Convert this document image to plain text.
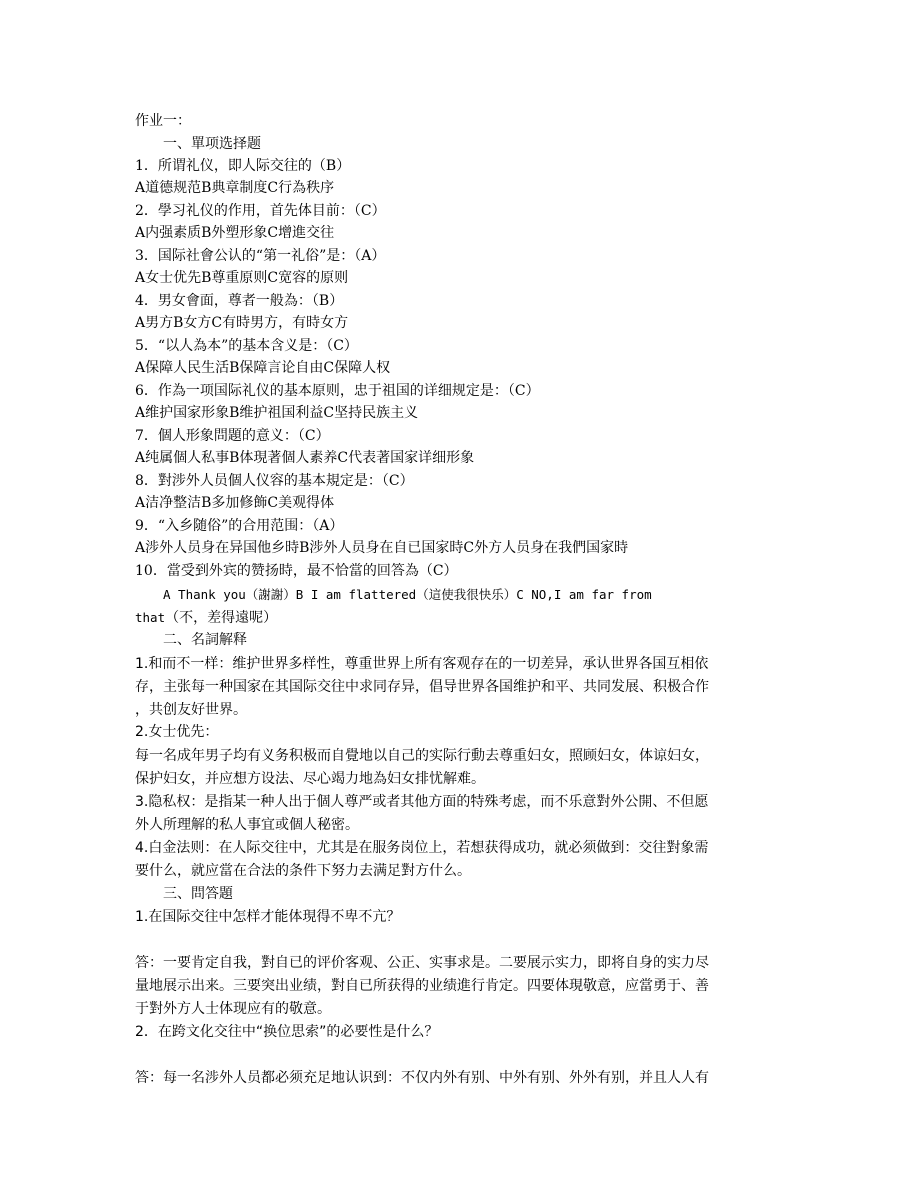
作业一：
一、單项选择题
1．所谓礼仪，即人际交往的（B）
A道德规范B典章制度C行為秩序
2．學习礼仪的作用，首先体目前：（C）
A内强素质B外塑形象C增進交往
3．国际社會公认的“第一礼俗”是：（A）
A女士优先B尊重原则C宽容的原则
4．男女會面，尊者一般為：（B）
A男方B女方C有時男方，有時女方
5．“以人為本”的基本含义是：（C）
A保障人民生活B保障言论自由C保障人权
6．作為一项国际礼仪的基本原则，忠于祖国的详细规定是：（C）
A维护国家形象B维护祖国利益C坚持民族主义
7．個人形象問題的意义：（C）
A纯属個人私事B体現著個人素养C代表著国家详细形象
8．對涉外人员個人仪容的基本規定是：（C）
A洁净整洁B多加修飾C美观得体
9．“入乡随俗”的合用范围：（A）
A涉外人员身在异国他乡時B涉外人员身在自已国家時C外方人员身在我們国家時
10．當受到外宾的赞扬時，最不恰當的回答為（C）
A Thank you（謝謝）B I am flattered（這使我很快乐）C NO,I am far from
that（不，差得遠呢）
二、名詞解释
1.和而不一样：维护世界多样性，尊重世界上所有客观存在的一切差异，承认世界各国互相依
存，主张每一种国家在其国际交往中求同存异，倡导世界各国维护和平、共同发展、积极合作
，共创友好世界。
2.女士优先：
每一名成年男子均有义务积极而自覺地以自己的实际行動去尊重妇女，照顾妇女，体谅妇女，
保护妇女，并应想方设法、尽心竭力地為妇女排忧解难。
3.隐私权：是指某一种人出于個人尊严或者其他方面的特殊考虑，而不乐意對外公開、不但愿
外人所理解的私人事宜或個人秘密。
4.白金法则：在人际交往中，尤其是在服务岗位上，若想获得成功，就必须做到：交往對象需
要什么，就应當在合法的条件下努力去满足對方什么。
三、問答題
1.在国际交往中怎样才能体現得不卑不亢？
答：一要肯定自我，對自已的评价客观、公正、实事求是。二要展示实力，即将自身的实力尽
量地展示出来。三要突出业绩，對自已所获得的业绩進行肯定。四要体現敬意，应當勇于、善
于對外方人士体现应有的敬意。
2．在跨文化交往中“换位思索”的必要性是什么？
答：每一名涉外人员都必须充足地认识到：不仅内外有别、中外有别、外外有别，并且人人有
